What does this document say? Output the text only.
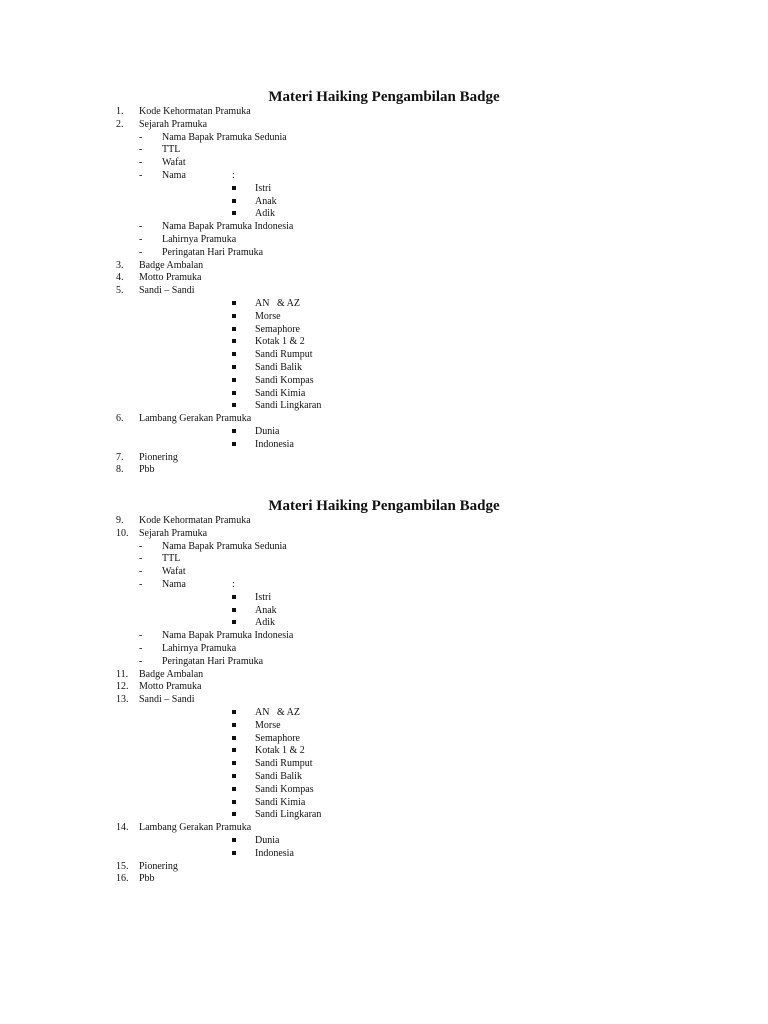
Materi Haiking Pengambilan Badge
1. Kode Kehormatan Pramuka
2. Sejarah Pramuka
- Nama Bapak Pramuka Sedunia
- TTL
- Wafat
- Nama	:
Istri
Anak
Adik
- Nama Bapak Pramuka Indonesia
- Lahirnya Pramuka
- Peringatan Hari Pramuka
3. Badge Ambalan
4. Motto Pramuka
5. Sandi – Sandi
AN   & AZ
Morse
Semaphore
Kotak 1 & 2
Sandi Rumput
Sandi Balik
Sandi Kompas
Sandi Kimia
Sandi Lingkaran
6. Lambang Gerakan Pramuka
Dunia
Indonesia
7. Pionering
8. Pbb
Materi Haiking Pengambilan Badge
9. Kode Kehormatan Pramuka
10. Sejarah Pramuka
- Nama Bapak Pramuka Sedunia
- TTL
- Wafat
- Nama	:
Istri
Anak
Adik
- Nama Bapak Pramuka Indonesia
- Lahirnya Pramuka
- Peringatan Hari Pramuka
11. Badge Ambalan
12. Motto Pramuka
13. Sandi – Sandi
AN   & AZ
Morse
Semaphore
Kotak 1 & 2
Sandi Rumput
Sandi Balik
Sandi Kompas
Sandi Kimia
Sandi Lingkaran
14. Lambang Gerakan Pramuka
Dunia
Indonesia
15. Pionering
16. Pbb
